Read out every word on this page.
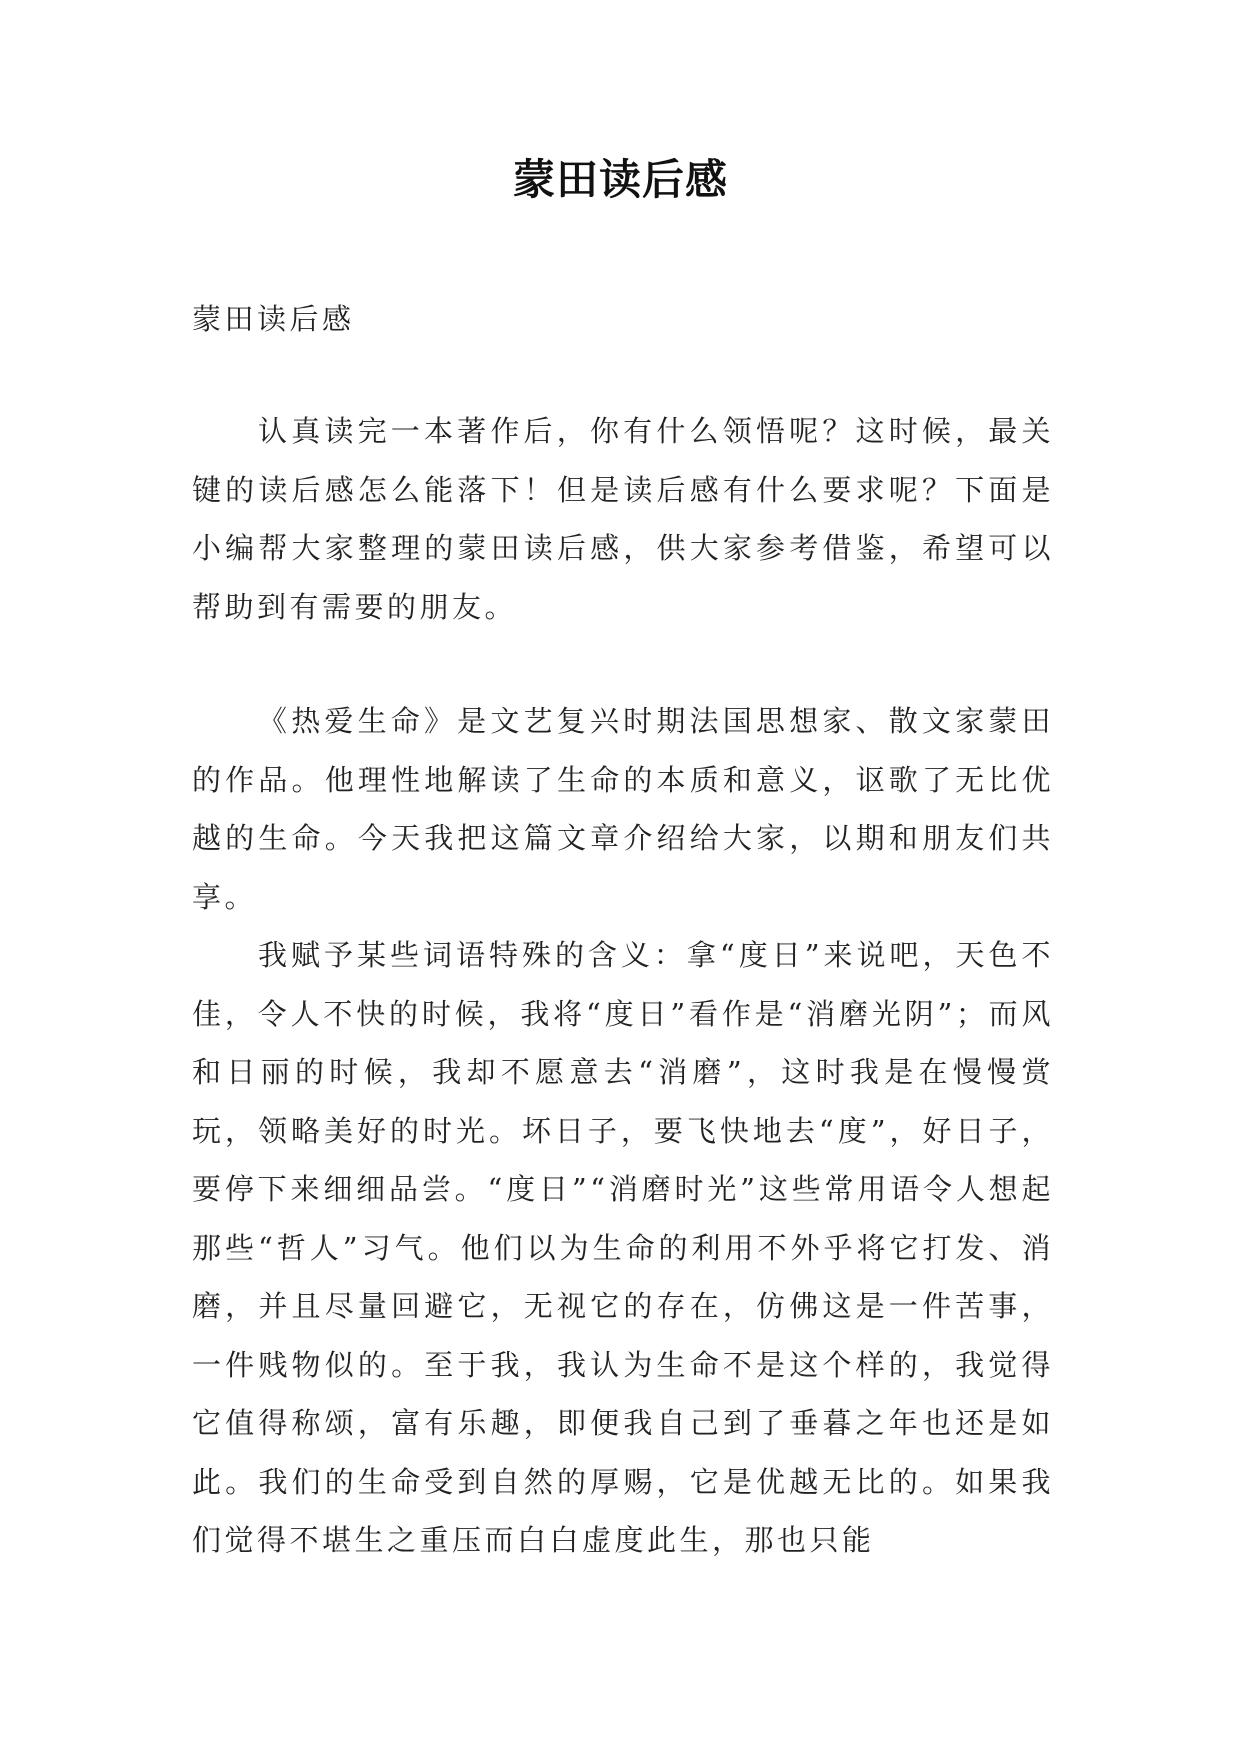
蒙田读后感

蒙田读后感

认真读完一本著作后，你有什么领悟呢？这时候，最关键的读后感怎么能落下！但是读后感有什么要求呢？下面是小编帮大家整理的蒙田读后感，供大家参考借鉴，希望可以帮助到有需要的朋友。

《热爱生命》是文艺复兴时期法国思想家、散文家蒙田的作品。他理性地解读了生命的本质和意义，讴歌了无比优越的生命。今天我把这篇文章介绍给大家，以期和朋友们共享。

我赋予某些词语特殊的含义：拿“度日”来说吧，天色不佳，令人不快的时候，我将“度日”看作是“消磨光阴”；而风和日丽的时候，我却不愿意去“消磨”，这时我是在慢慢赏玩，领略美好的时光。坏日子，要飞快地去“度”，好日子，要停下来细细品尝。“度日”“消磨时光”这些常用语令人想起那些“哲人”习气。他们以为生命的利用不外乎将它打发、消磨，并且尽量回避它，无视它的存在，仿佛这是一件苦事，一件贱物似的。至于我，我认为生命不是这个样的，我觉得它值得称颂，富有乐趣，即便我自己到了垂暮之年也还是如此。我们的生命受到自然的厚赐，它是优越无比的。如果我们觉得不堪生之重压而白白虚度此生，那也只能
